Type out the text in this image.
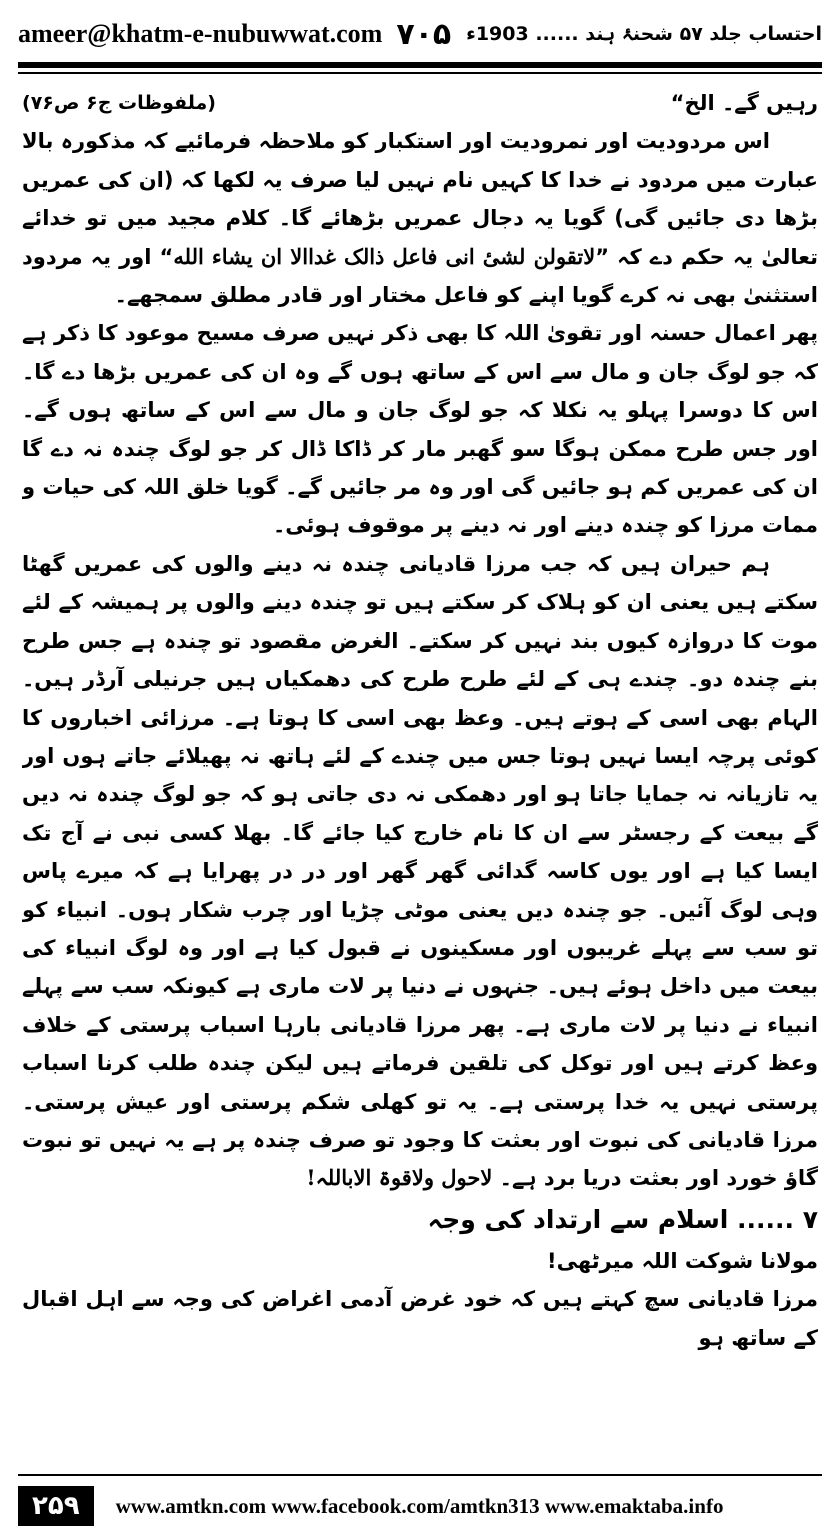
ameer@khatm-e-nubuwwat.com ۷۰۵ احتساب جلد ۵۷ شحنۂ ہند ...... 1903ء
رہیں گے۔ الخ“
(ملفوظات ج۶ ص۷۶)

اس مردودیت اور نمرودیت اور استکبار کو ملاحظہ فرمائیے کہ مذکورہ بالا عبارت میں مردود نے خدا کا کہیں نام نہیں لیا صرف یہ لکھا کہ (ان کی عمریں بڑھا دی جائیں گی) گویا یہ دجال عمریں بڑھائے گا۔ کلام مجید میں تو خدائے تعالیٰ یہ حکم دے کہ ”لاتقولن لشیٔ انی فاعل ذالک غداالا ان یشاء الله“ اور یہ مردود استثنیٰ بھی نہ کرے گویا اپنے کو فاعل مختار اور قادر مطلق سمجھے۔

پھر اعمال حسنہ اور تقویٰ اللہ کا بھی ذکر نہیں صرف مسیح موعود کا ذکر ہے کہ جو لوگ جان و مال سے اس کے ساتھ ہوں گے وہ ان کی عمریں بڑھا دے گا۔ اس کا دوسرا پہلو یہ نکلا کہ جو لوگ جان و مال سے اس کے ساتھ ہوں گے۔ اور جس طرح ممکن ہوگا سو گھبر مار کر ڈاکا ڈال کر جو لوگ چندہ نہ دے گا ان کی عمریں کم ہو جائیں گی اور وہ مر جائیں گے۔ گویا خلق اللہ کی حیات و ممات مرزا کو چندہ دینے اور نہ دینے پر موقوف ہوئی۔

ہم حیران ہیں کہ جب مرزا قادیانی چندہ نہ دینے والوں کی عمریں گھٹا سکتے ہیں یعنی ان کو ہلاک کر سکتے ہیں تو چندہ دینے والوں پر ہمیشہ کے لئے موت کا دروازہ کیوں بند نہیں کر سکتے۔ الغرض مقصود تو چندہ ہے جس طرح بنے چندہ دو۔ چندے ہی کے لئے طرح طرح کی دھمکیاں ہیں جرنیلی آرڈر ہیں۔ الہام بھی اسی کے ہوتے ہیں۔ وعظ بھی اسی کا ہوتا ہے۔ مرزائی اخباروں کا کوئی پرچہ ایسا نہیں ہوتا جس میں چندے کے لئے ہاتھ نہ پھیلائے جاتے ہوں اور یہ تازیانہ نہ جمایا جاتا ہو اور دھمکی نہ دی جاتی ہو کہ جو لوگ چندہ نہ دیں گے بیعت کے رجسٹر سے ان کا نام خارج کیا جائے گا۔ بھلا کسی نبی نے آج تک ایسا کیا ہے اور یوں کاسہ گدائی گھر گھر اور در در پھرایا ہے کہ میرے پاس وہی لوگ آئیں۔ جو چندہ دیں یعنی موٹی چڑیا اور چرب شکار ہوں۔ انبیاء کو تو سب سے پہلے غریبوں اور مسکینوں نے قبول کیا ہے اور وہ لوگ انبیاء کی بیعت میں داخل ہوئے ہیں۔ جنہوں نے دنیا پر لات ماری ہے کیونکہ سب سے پہلے انبیاء نے دنیا پر لات ماری ہے۔ پھر مرزا قادیانی بارہا اسباب پرستی کے خلاف وعظ کرتے ہیں اور توکل کی تلقین فرماتے ہیں لیکن چندہ طلب کرنا اسباب پرستی نہیں یہ خدا پرستی ہے۔ یہ تو کھلی شکم پرستی اور عیش پرستی۔ مرزا قادیانی کی نبوت اور بعثت کا وجود تو صرف چندہ پر ہے یہ نہیں تو نبوت گاؤ خورد اور بعثت دریا برد ہے۔ لاحول ولاقوۃ الاباللہ!

۷ ...... اسلام سے ارتداد کی وجہ

مولانا شوکت اللہ میرٹھی!

مرزا قادیانی سچ کہتے ہیں کہ خود غرض آدمی اغراض کی وجہ سے اہل اقبال کے ساتھ ہو

۲۵۹	www.amtkn.com www.facebook.com/amtkn313 www.emaktaba.info
